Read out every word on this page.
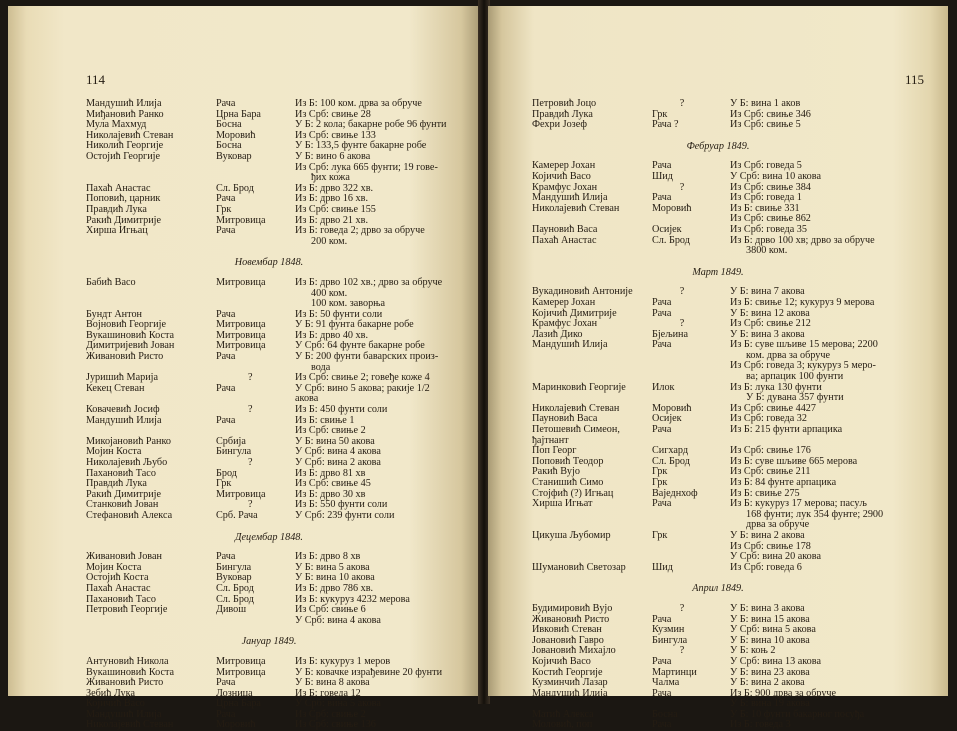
114
Мандушић Илија	Рача	Из Б: 100 ком. дрва за обруче
Миђановић Ранко	Црна Бара	Из Срб: свиње 28
Мула Махмуд	Босна	У Б: 2 кола; бакарне робе 96 фунти
Николајевић Стеван	Моровић	Из Срб: свиње 133
Николић Георгије	Босна	У Б: 133,5 фунте бакарне робе
Остојић Георгије	Вуковар	У Б: вино 6 акова
Из Срб: лука 665 фунти; 19 гове-
ђих кожа
Пахаћ Анастас	Сл. Брод	Из Б: дрво 322 хв.
Поповић, царник	Рача	Из Б: дрво 16 хв.
Правдић Лука	Грк	Из Срб: свиње 155
Ракић Димитрије	Митровица	Из Б: дрво 21 хв.
Хирша Игњац	Рача	Из Б: говеда 2; дрво за обруче
200 ком.
Новембар 1848.
Бабић Васо	Митровица	Из Б: дрво 102 хв.; дрво за обруче
400 ком.
100 ком. заворња
Бундт Антон	Рача	Из Б: 50 фунти соли
Војновић Георгије	Митровица	У Б: 91 фунта бакарне робе
Вукашиновић Коста	Митровица	Из Б: дрво 40 хв.
Димитријевић Јован	Митровица	У Срб: 64 фунте бакарне робе
Живановић Ристо	Рача	У Б: 200 фунти баварских произ-
вода
Јуришић Марија	?	Из Срб: свиње 2; говеђе коже 4
Кекец Стеван	Рача	У Срб: вино 5 акова; ракије 1/2
акова
Ковачевић Јосиф	?	Из Б: 450 фунти соли
Мандушић Илија	Рача	Из Б: свиње 1
Из Срб: свиње 2
Микојановић Ранко	Србија	У Б: вина 50 акова
Мојин Коста	Бингула	У Срб: вина 4 акова
Николајевић Љубо	?	У Срб: вина 2 акова
Пахановић Тасо	Брод	Из Б: дрво 81 хв
Правдић Лука	Грк	Из Срб: свиње 45
Ракић Димитрије	Митровица	Из Б: дрво 30 хв
Станковић Јован	?	Из Б: 550 фунти соли
Стефановић Алекса	Срб. Рача	У Срб: 239 фунти соли
Децембар 1848.
Живановић Јован	Рача	Из Б: дрво 8 хв
Мојин Коста	Бингула	У Б: вина 5 акова
Остојић Коста	Вуковар	У Б: вина 10 акова
Пахаћ Анастас	Сл. Брод	Из Б: дрво 786 хв.
Пахановић Тасо	Сл. Брод	Из Б: кукуруз 4232 мерова
Петровић Георгије	Дивош	Из Срб: свиње 6
У Срб: вина 4 акова
Јануар 1849.
Антуновић Никола	Митровица	Из Б: кукуруз 1 меров
Вукашиновић Коста	Митровица	У Б: ковачке израђевине 20 фунти
Живановић Ристо	Рача	У Б: вина 8 акова
Зебић Лука	Лозница	Из Б: говеда 12
Којичић Васо	Црна Бара	У Срб: вина 5 акова
Мандушић Илија	Рача	Из Срб: свиње 2
Николајевић Стеван	Моровић	Из Срб: свиње 136
115
Петровић Јоцо	?	У Б: вина 1 аков
Правдић Лука	Грк	Из Срб: свиње 346
Фехри Јозеф	Рача ?	Из Срб: свиње 5
Фебруар 1849.
Камерер Јохан	Рача	Из Срб: говеда 5
Којичић Васо	Шид	У Срб: вина 10 акова
Крамфус Јохан	?	Из Срб: свиње 384
Мандушић Илија	Рача	Из Срб: говеда 1
Николајевић Стеван	Моровић	Из Б: свиње 331
Из Срб: свиње 862
Пауновић Васа	Осијек	Из Срб: говеда 35
Пахаћ Анастас	Сл. Брод	Из Б: дрво 100 хв; дрво за обруче
3800 ком.
Март 1849.
Вукадиновић Антоније	?	У Б: вина 7 акова
Камерер Јохан	Рача	Из Б: свиње 12; кукуруз 9 мерова
Којичић Димитрије	Рача	У Б: вина 12 акова
Крамфус Јохан	?	Из Срб: свиње 212
Лазић Дико	Бјељина	У Б: вина 3 акова
Мандушић Илија	Рача	Из Б: суве шљиве 15 мерова; 2200
ком. дрва за обруче
Из Срб: говеда 3; кукуруз 5 меро-
ва; арпацик 100 фунти
Маринковић Георгије	Илок	Из Б: лука 130 фунти
У Б: дувана 357 фунти
Николајевић Стеван	Моровић	Из Срб: свиње 4427
Пауновић Васа	Осијек	Из Срб: говеда 32
Петошевић Симеон,	Рача	Из Б: 215 фунти арпацика
ђајтнант
Поп Георг	Сигхард	Из Срб: свиње 176
Поповић Теодор	Сл. Брод	Из Б: суве шљиве 665 мерова
Ракић Вујо	Грк	Из Срб: свиње 211
Станишић Симо	Грк	Из Б: 84 фунте арпацика
Стојфић (?) Игњац	Ваједнхоф	Из Б: свиње 275
Хирша Игњат	Рача	Из Б: кукуруз 17 мерова; пасуљ
168 фунти; лук 354 фунте; 2900
дрва за обруче
Цикуша Љубомир	Грк	У Б: вина 2 акова
Из Срб: свиње 178
У Срб: вина 20 акова
Шумановић Светозар	Шид	Из Срб: говеда 6
Април 1849.
Будимировић Вујо	?	У Б: вина 3 акова
Живановић Ристо	Рача	У Б: вина 15 акова
Ивковић Стеван	Кузмин	У Срб: вина 5 акова
Јовановић Гавро	Бингула	У Б: вина 10 акова
Јовановић Михајло	?	У Б: коњ 2
Којичић Васо	Рача	У Срб: вина 13 акова
Костић Георгије	Мартинци	У Б: вина 23 акова
Кузминчић Лазар	Чалма	У Б: вина 2 акова
Мандушић Илија	Рача	Из Б: 900 дрва за обруче
У Б: вина 19 акова
Матић Алекса	Босна	У Б: 10 фунти бакарног посуђа
Моловић, поп	Рача	Из Б: говеда 3
